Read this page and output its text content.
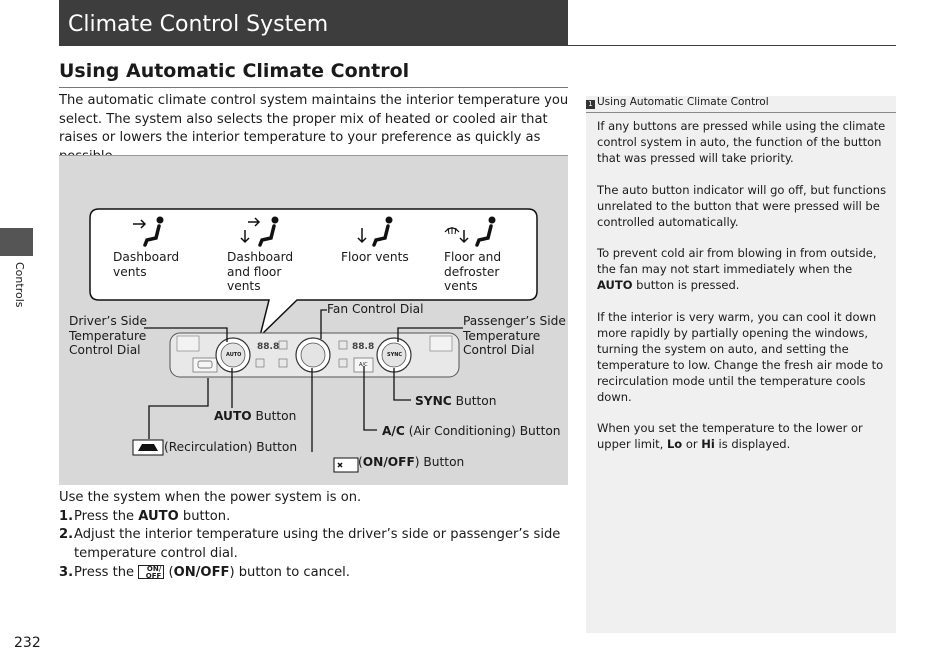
Climate Control System
Controls
Using Automatic Climate Control
The automatic climate control system maintains the interior temperature you select. The system also selects the proper mix of heated or cooled air that raises or lowers the interior temperature to your preference as quickly as
AUTO	SYNC
A/C
88.8	88.8
Dashboard
vents
Dashboard
and floor
vents
Floor vents	Floor and
defroster
vents
Driver’s Side
Temperature
Control Dial
Passenger’s Side
Temperature
Control Dial
Fan Control Dial
AUTO Button
SYNC Button
A/C (Air Conditioning) Button
(Recirculation) Button
(ON/OFF) Button

Use the system when the power system is on.

1. Press the AUTO button.

2. Adjust the interior temperature using the driver’s side or passenger’s side temperature control dial.

3. Press the ON/ OFF (ON/OFF) button to cancel.

1 Using Automatic Climate Control

If any buttons are pressed while using the climate control system in auto, the function of the button that was pressed will take priority.

The auto button indicator will go off, but functions unrelated to the button that were pressed will be controlled automatically.

To prevent cold air from blowing in from outside, the fan may not start immediately when the AUTO button is pressed.

If the interior is very warm, you can cool it down more rapidly by partially opening the windows, turning the system on auto, and setting the temperature to low. Change the fresh air mode to recirculation mode until the temperature cools down.

When you set the temperature to the lower or upper limit, Lo or Hi is displayed.

232
